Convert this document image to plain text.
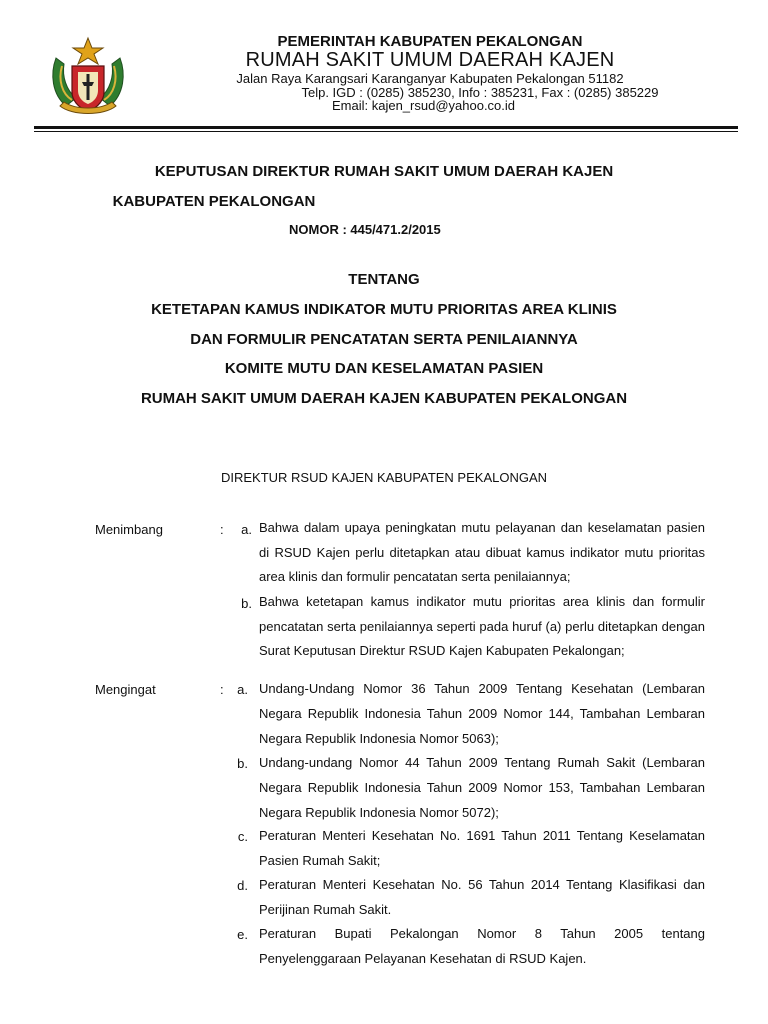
PEMERINTAH KABUPATEN PEKALONGAN
RUMAH SAKIT UMUM DAERAH KAJEN
Jalan Raya Karangsari Karanganyar Kabupaten Pekalongan 51182
Telp. IGD : (0285) 385230, Info : 385231, Fax : (0285) 385229
Email: kajen_rsud@yahoo.co.id
KEPUTUSAN DIREKTUR RUMAH SAKIT UMUM DAERAH KAJEN
KABUPATEN PEKALONGAN
NOMOR : 445/471.2/2015
TENTANG
KETETAPAN KAMUS INDIKATOR MUTU PRIORITAS AREA KLINIS
DAN FORMULIR PENCATATAN SERTA PENILAIANNYA
KOMITE MUTU DAN KESELAMATAN PASIEN
RUMAH SAKIT UMUM DAERAH KAJEN KABUPATEN PEKALONGAN
DIREKTUR RSUD KAJEN KABUPATEN PEKALONGAN
Menimbang	:	a. Bahwa dalam upaya peningkatan mutu pelayanan dan keselamatan pasien di RSUD Kajen perlu ditetapkan atau dibuat kamus indikator mutu prioritas area klinis dan formulir pencatatan serta penilaiannya;
b. Bahwa ketetapan kamus indikator mutu prioritas area klinis dan formulir pencatatan serta penilaiannya seperti pada huruf (a) perlu ditetapkan dengan Surat Keputusan Direktur RSUD Kajen Kabupaten Pekalongan;
Mengingat	:	a. Undang-Undang Nomor 36 Tahun 2009 Tentang Kesehatan (Lembaran Negara Republik Indonesia Tahun 2009 Nomor 144, Tambahan Lembaran Negara Republik Indonesia Nomor 5063);
b. Undang-undang Nomor 44 Tahun 2009 Tentang Rumah Sakit (Lembaran Negara Republik Indonesia Tahun 2009 Nomor 153, Tambahan Lembaran Negara Republik Indonesia Nomor 5072);
c. Peraturan Menteri Kesehatan No. 1691 Tahun 2011 Tentang Keselamatan Pasien Rumah Sakit;
d. Peraturan Menteri Kesehatan No. 56 Tahun 2014 Tentang Klasifikasi dan Perijinan Rumah Sakit.
e. Peraturan Bupati Pekalongan Nomor 8 Tahun 2005 tentang Penyelenggaraan Pelayanan Kesehatan di RSUD Kajen.
